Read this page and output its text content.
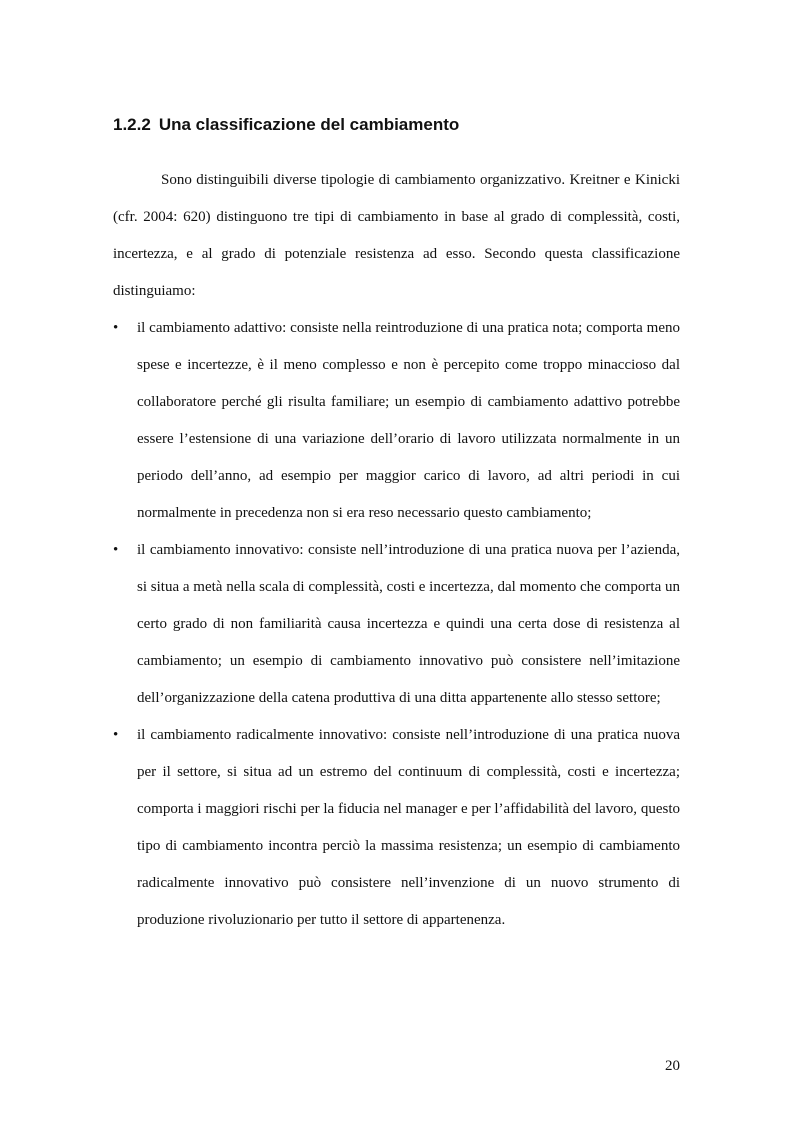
1.2.2 Una classificazione del cambiamento

Sono distinguibili diverse tipologie di cambiamento organizzativo. Kreitner e Kinicki (cfr. 2004: 620) distinguono tre tipi di cambiamento in base al grado di complessità, costi, incertezza, e al grado di potenziale resistenza ad esso. Secondo questa classificazione distinguiamo:

•	il cambiamento adattivo: consiste nella reintroduzione di una pratica nota; comporta meno spese e incertezze, è il meno complesso e non è percepito come troppo minaccioso dal collaboratore perché gli risulta familiare; un esempio di cambiamento adattivo potrebbe essere l’estensione di una variazione dell’orario di lavoro utilizzata normalmente in un periodo dell’anno, ad esempio per maggior carico di lavoro, ad altri periodi in cui normalmente in precedenza non si era reso necessario questo cambiamento;
•	il cambiamento innovativo: consiste nell’introduzione di una pratica nuova per l’azienda, si situa a metà nella scala di complessità, costi e incertezza, dal momento che comporta un certo grado di non familiarità causa incertezza e quindi una certa dose di resistenza al cambiamento; un esempio di cambiamento innovativo può consistere nell’imitazione dell’organizzazione della catena produttiva di una ditta appartenente allo stesso settore;
•	il cambiamento radicalmente innovativo: consiste nell’introduzione di una pratica nuova per il settore, si situa ad un estremo del continuum di complessità, costi e incertezza; comporta i maggiori rischi per la fiducia nel manager e per l’affidabilità del lavoro, questo tipo di cambiamento incontra perciò la massima resistenza; un esempio di cambiamento radicalmente innovativo può consistere nell’invenzione di un nuovo strumento di produzione rivoluzionario per tutto il settore di appartenenza.

20
